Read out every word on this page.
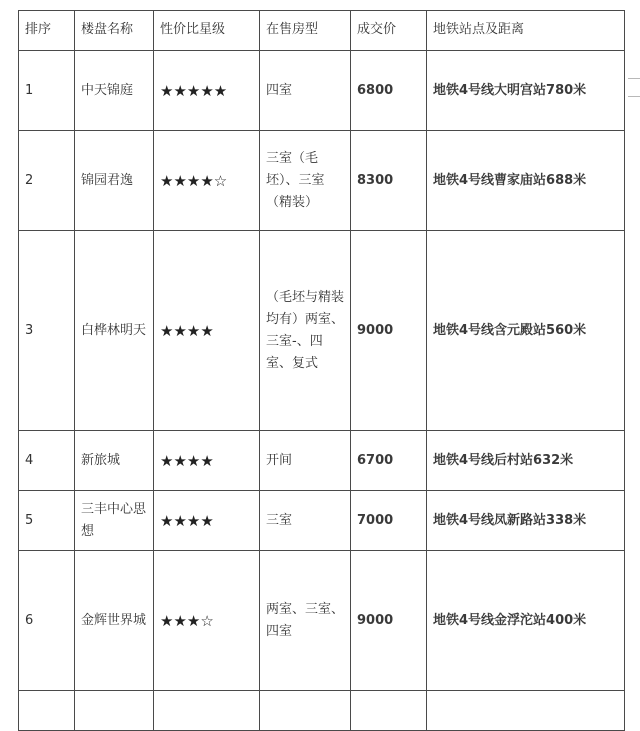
排序	楼盘名称	性价比星级	在售房型	成交价	地铁站点及距离
1	中天锦庭	★★★★★	四室	6800	地铁4号线大明宫站780米
2	锦园君逸	★★★★☆	三室（毛坯）、三室（精装）	8300	地铁4号线曹家庙站688米
3	白桦林明天	★★★★	（毛坯与精装均有）两室、三室-、四室、复式	9000	地铁4号线含元殿站560米
4	新旅城	★★★★	开间	6700	地铁4号线后村站632米
5	三丰中心思想	★★★★	三室	7000	地铁4号线凤新路站338米
6	金辉世界城	★★★☆	两室、三室、四室	9000	地铁4号线金浮沱站400米
